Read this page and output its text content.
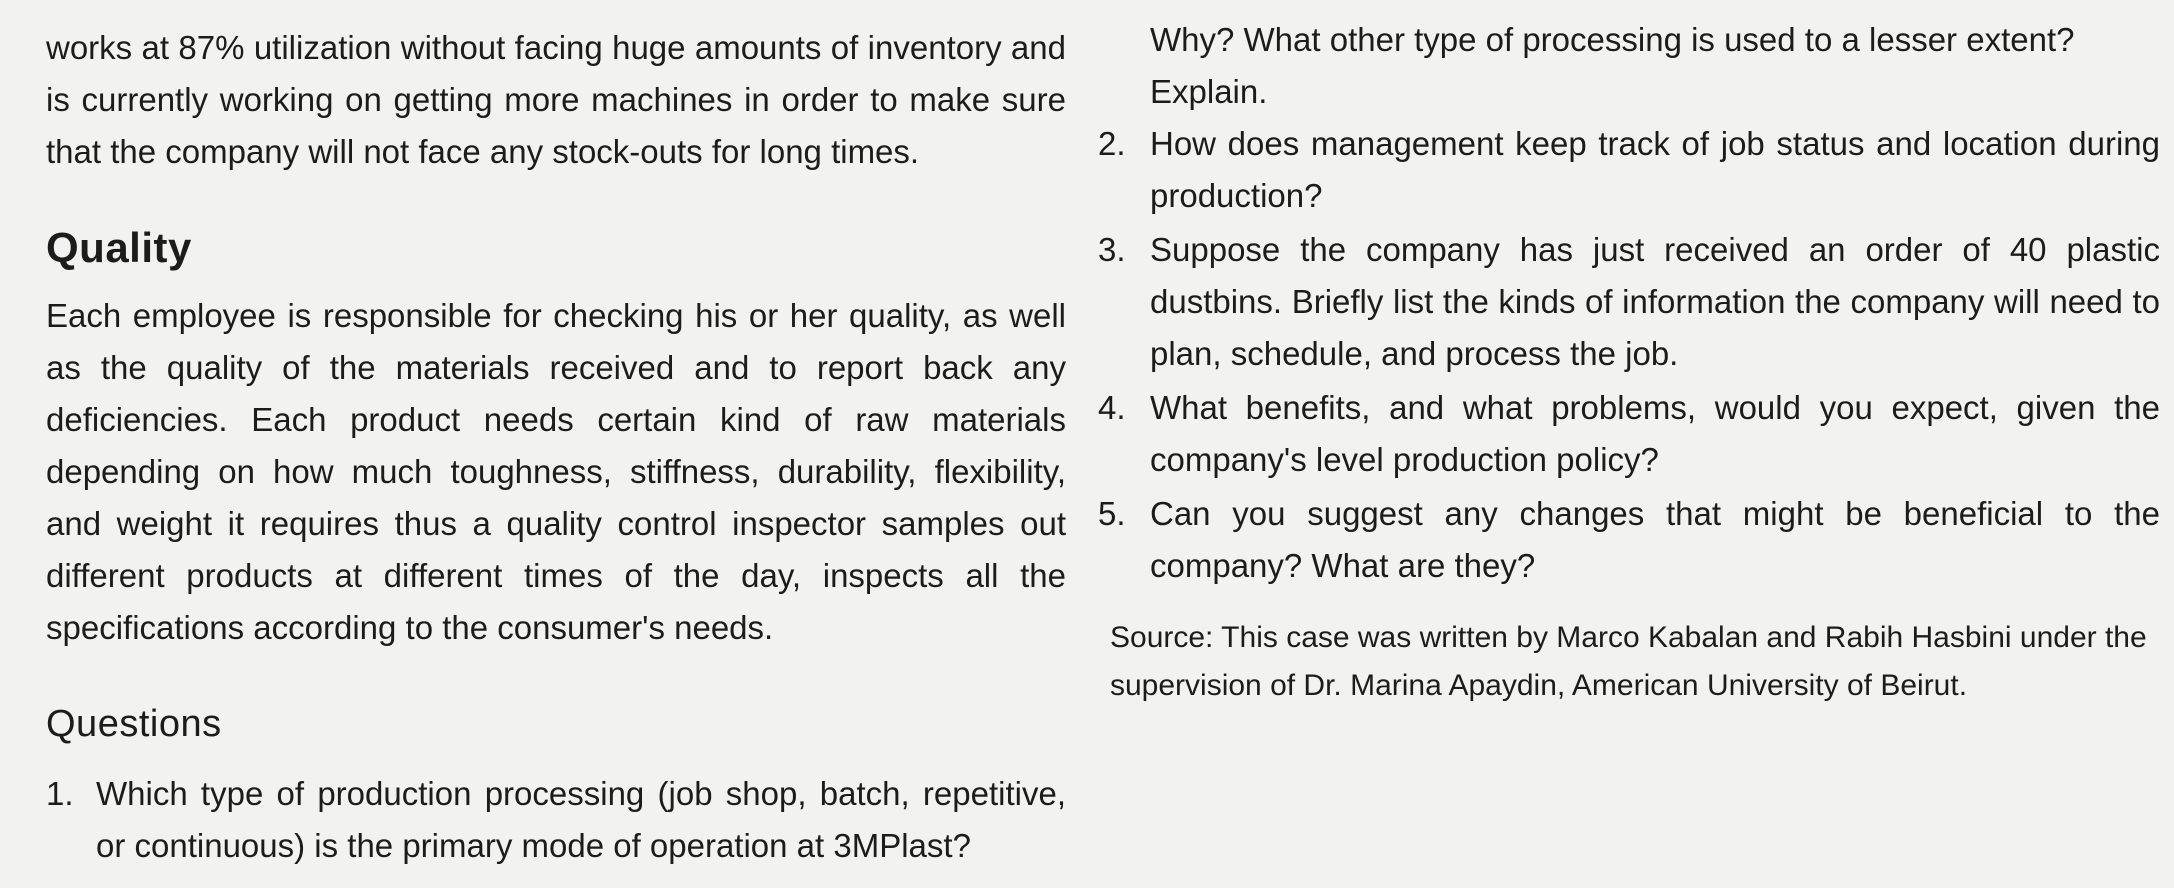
works at 87% utilization without facing huge amounts of inventory and is currently working on getting more machines in order to make sure that the company will not face any stock-outs for long times.

Quality

Each employee is responsible for checking his or her quality, as well as the quality of the materials received and to report back any deficiencies. Each product needs certain kind of raw materials depending on how much toughness, stiffness, durability, flexibility, and weight it requires thus a quality control inspector samples out different products at different times of the day, inspects all the specifications according to the consumer's needs.

Questions
1. Which type of production processing (job shop, batch, repetitive, or continuous) is the primary mode of operation at 3MPlast?

Why? What other type of processing is used to a lesser extent? Explain.

2. How does management keep track of job status and location during production?
3. Suppose the company has just received an order of 40 plastic dustbins. Briefly list the kinds of information the company will need to plan, schedule, and process the job.
4. What benefits, and what problems, would you expect, given the company's level production policy?
5. Can you suggest any changes that might be beneficial to the company? What are they?

Source: This case was written by Marco Kabalan and Rabih Hasbini under the supervision of Dr. Marina Apaydin, American University of Beirut.
